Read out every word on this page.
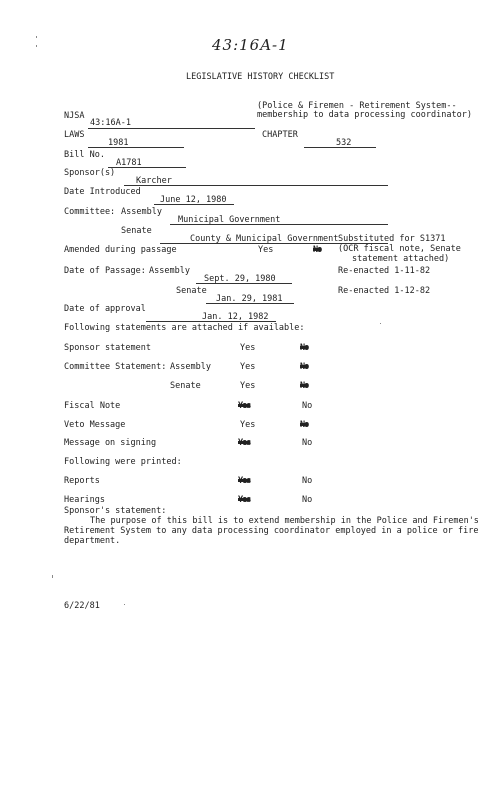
43:16A-1
LEGISLATIVE HISTORY CHECKLIST
NJSA
43:16A-1
(Police & Firemen - Retirement System--
membership to data processing coordinator)
LAWS
1981
CHAPTER
532
Bill No.
A1781
Sponsor(s)
Karcher
Date Introduced
June 12, 1980
Committee: Assembly
Municipal Government
Senate
County & Municipal Government
Amended during passage	Yes	No
Substituted for S1371
(OCR fiscal note, Senate
statement attached)
Date of Passage: Assembly
Sept. 29, 1980
Re-enacted 1-11-82
Senate
Jan. 29, 1981
Re-enacted 1-12-82
Date of approval
Jan. 12, 1982
Following statements are attached if available:
Sponsor statement	Yes	No
Committee Statement: Assembly	Yes	No
Senate	Yes	No
Fiscal Note	Yes	No
Veto Message	Yes	No
Message on signing	Yes	No
Following were printed:
Reports	Yes	No
Hearings	Yes	No
Sponsor's statement:
The purpose of this bill is to extend membership in the Police and Firemen's
Retirement System to any data processing coordinator employed in a police or fire
department.
6/22/81
